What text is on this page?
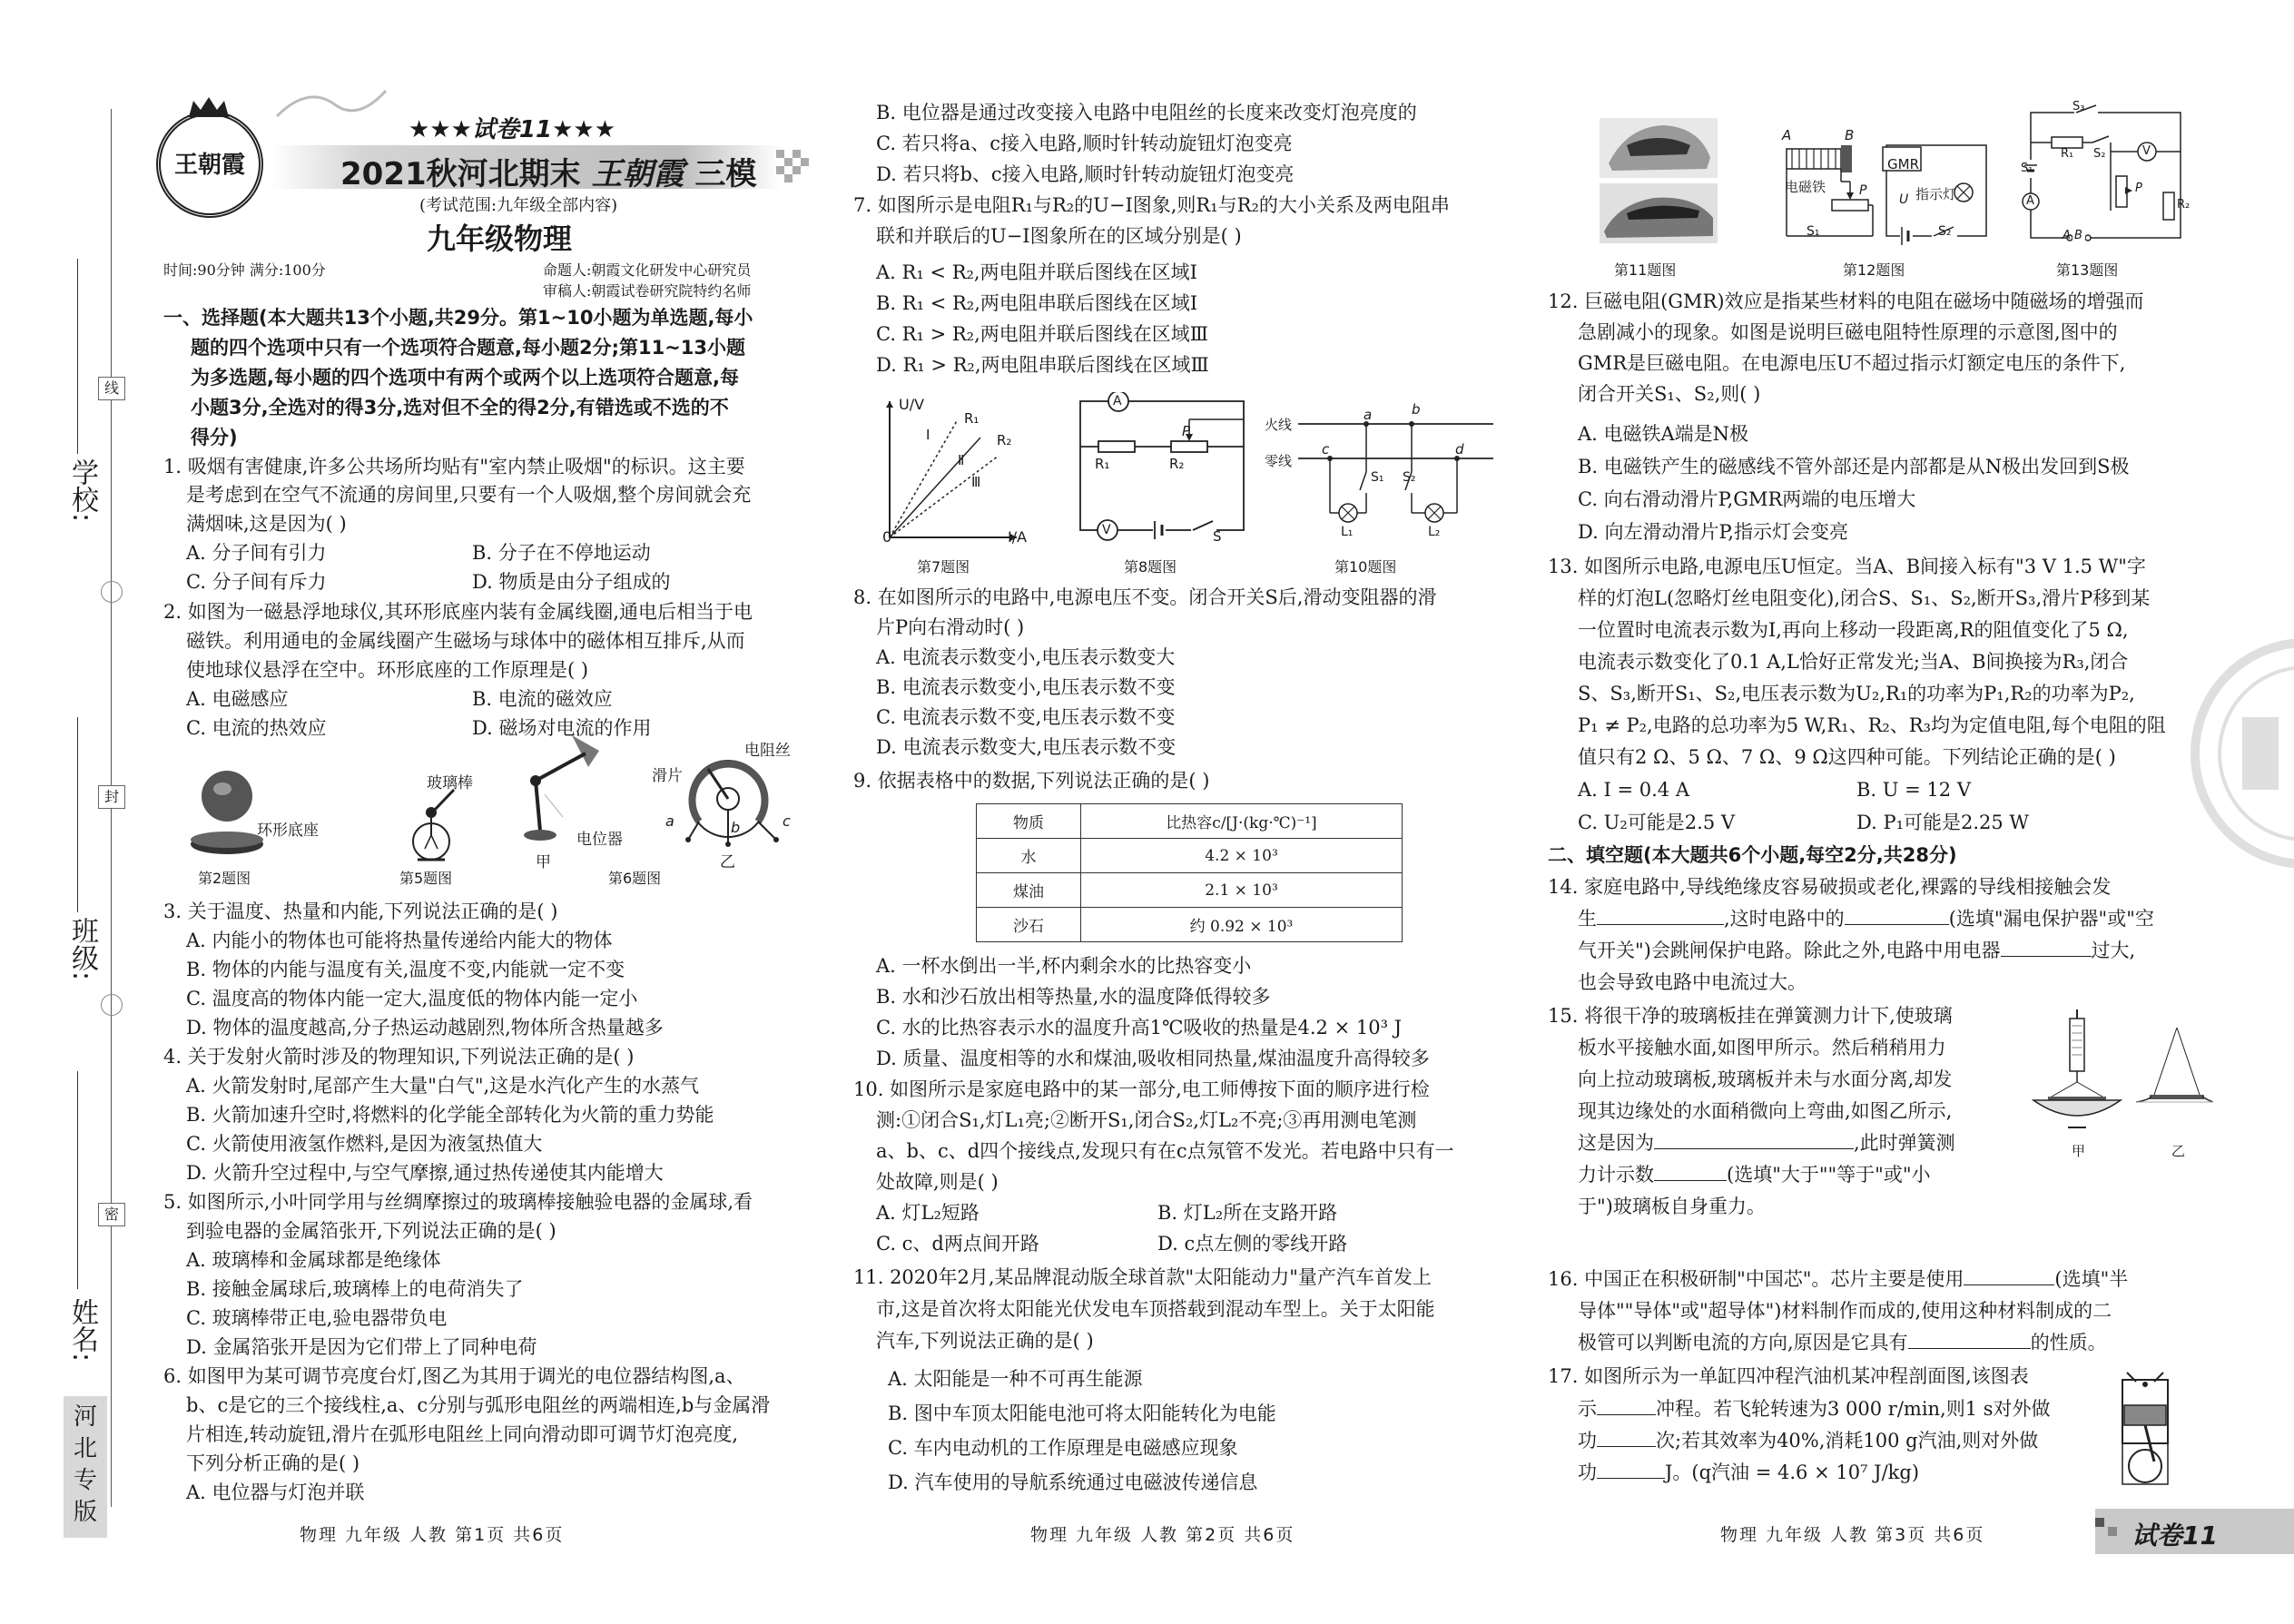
线
封
密
学校:
班级:
姓名:
河北专版
王朝霞
★★★试卷11★★★
2021秋河北期末 王朝霞 三模
(考试范围:九年级全部内容)
九年级物理
时间:90分钟 满分:100分	命题人:朝霞文化研发中心研究员
审稿人:朝霞试卷研究院特约名师
一、选择题(本大题共13个小题,共29分。第1~10小题为单选题,每小
题的四个选项中只有一个选项符合题意,每小题2分;第11~13小题
为多选题,每小题的四个选项中有两个或两个以上选项符合题意,每
小题3分,全选对的得3分,选对但不全的得2分,有错选或不选的不
得分)
1. 吸烟有害健康,许多公共场所均贴有"室内禁止吸烟"的标识。这主要
是考虑到在空气不流通的房间里,只要有一个人吸烟,整个房间就会充
满烟味,这是因为( )
A. 分子间有引力	B. 分子在不停地运动
C. 分子间有斥力	D. 物质是由分子组成的
2. 如图为一磁悬浮地球仪,其环形底座内装有金属线圈,通电后相当于电
磁铁。利用通电的金属线圈产生磁场与球体中的磁体相互排斥,从而
使地球仪悬浮在空中。环形底座的工作原理是( )
A. 电磁感应	B. 电流的磁效应
C. 电流的热效应	D. 磁场对电流的作用
环形底座
第2题图
玻璃棒
第5题图
电位器
甲
滑片
电阻丝
a	b	c
乙
第6题图
3. 关于温度、热量和内能,下列说法正确的是( )
A. 内能小的物体也可能将热量传递给内能大的物体
B. 物体的内能与温度有关,温度不变,内能就一定不变
C. 温度高的物体内能一定大,温度低的物体内能一定小
D. 物体的温度越高,分子热运动越剧烈,物体所含热量越多
4. 关于发射火箭时涉及的物理知识,下列说法正确的是( )
A. 火箭发射时,尾部产生大量"白气",这是水汽化产生的水蒸气
B. 火箭加速升空时,将燃料的化学能全部转化为火箭的重力势能
C. 火箭使用液氢作燃料,是因为液氢热值大
D. 火箭升空过程中,与空气摩擦,通过热传递使其内能增大
5. 如图所示,小叶同学用与丝绸摩擦过的玻璃棒接触验电器的金属球,看
到验电器的金属箔张开,下列说法正确的是( )
A. 玻璃棒和金属球都是绝缘体
B. 接触金属球后,玻璃棒上的电荷消失了
C. 玻璃棒带正电,验电器带负电
D. 金属箔张开是因为它们带上了同种电荷
6. 如图甲为某可调节亮度台灯,图乙为其用于调光的电位器结构图,a、
b、c是它的三个接线柱,a、c分别与弧形电阻丝的两端相连,b与金属滑
片相连,转动旋钮,滑片在弧形电阻丝上同向滑动即可调节灯泡亮度,
下列分析正确的是( )
A. 电位器与灯泡并联
物理 九年级 人教 第1页 共6页
B. 电位器是通过改变接入电路中电阻丝的长度来改变灯泡亮度的
C. 若只将a、c接入电路,顺时针转动旋钮灯泡变亮
D. 若只将b、c接入电路,顺时针转动旋钮灯泡变亮
7. 如图所示是电阻R₁与R₂的U−I图象,则R₁与R₂的大小关系及两电阻串
联和并联后的U−I图象所在的区域分别是( )
A. R₁ < R₂,两电阻并联后图线在区域Ⅰ
B. R₁ < R₂,两电阻串联后图线在区域Ⅰ
C. R₁ > R₂,两电阻并联后图线在区域Ⅲ
D. R₁ > R₂,两电阻串联后图线在区域Ⅲ
U/V
I/A
0
R₁
R₂
Ⅰ
Ⅱ
Ⅲ
第7题图
A
V
P
R₁	R₂
S
第8题图
火线
零线
a	b
c	d
S₁ S₂
L₁	L₂
第10题图
8. 在如图所示的电路中,电源电压不变。闭合开关S后,滑动变阻器的滑
片P向右滑动时( )
A. 电流表示数变小,电压表示数变大
B. 电流表示数变小,电压表示数不变
C. 电流表示数不变,电压表示数不变
D. 电流表示数变大,电压表示数不变
9. 依据表格中的数据,下列说法正确的是( )
物质	比热容c/[J·(kg·℃)⁻¹]
水	4.2 × 10³
煤油	2.1 × 10³
沙石	约 0.92 × 10³
A. 一杯水倒出一半,杯内剩余水的比热容变小
B. 水和沙石放出相等热量,水的温度降低得较多
C. 水的比热容表示水的温度升高1℃吸收的热量是4.2 × 10³ J
D. 质量、温度相等的水和煤油,吸收相同热量,煤油温度升高得较多
10. 如图所示是家庭电路中的某一部分,电工师傅按下面的顺序进行检
测:①闭合S₁,灯L₁亮;②断开S₁,闭合S₂,灯L₂不亮;③再用测电笔测
a、b、c、d四个接线点,发现只有在c点氖管不发光。若电路中只有一
处故障,则是( )
A. 灯L₂短路	B. 灯L₂所在支路开路
C. c、d两点间开路	D. c点左侧的零线开路
11. 2020年2月,某品牌混动版全球首款"太阳能动力"量产汽车首发上
市,这是首次将太阳能光伏发电车顶搭载到混动车型上。关于太阳能
汽车,下列说法正确的是( )
A. 太阳能是一种不可再生能源
B. 图中车顶太阳能电池可将太阳能转化为电能
C. 车内电动机的工作原理是电磁感应现象
D. 汽车使用的导航系统通过电磁波传递信息
物理 九年级 人教 第2页 共6页
第11题图
A	B
GMR
电磁铁	P
S₁
U 指示灯
S₂
第12题图
S₃
R₁ S₂	V
S₁
P
A	R₂
A B
第13题图
12. 巨磁电阻(GMR)效应是指某些材料的电阻在磁场中随磁场的增强而
急剧减小的现象。如图是说明巨磁电阻特性原理的示意图,图中的
GMR是巨磁电阻。在电源电压U不超过指示灯额定电压的条件下,
闭合开关S₁、S₂,则( )
A. 电磁铁A端是N极
B. 电磁铁产生的磁感线不管外部还是内部都是从N极出发回到S极
C. 向右滑动滑片P,GMR两端的电压增大
D. 向左滑动滑片P,指示灯会变亮
13. 如图所示电路,电源电压U恒定。当A、B间接入标有"3 V 1.5 W"字
样的灯泡L(忽略灯丝电阻变化),闭合S、S₁、S₂,断开S₃,滑片P移到某
一位置时电流表示数为I,再向上移动一段距离,R的阻值变化了5 Ω,
电流表示数变化了0.1 A,L恰好正常发光;当A、B间换接为R₃,闭合
S、S₃,断开S₁、S₂,电压表示数为U₂,R₁的功率为P₁,R₂的功率为P₂,
P₁ ≠ P₂,电路的总功率为5 W,R₁、R₂、R₃均为定值电阻,每个电阻的阻
值只有2 Ω、5 Ω、7 Ω、9 Ω这四种可能。下列结论正确的是( )
A. I = 0.4 A	B. U = 12 V
C. U₂可能是2.5 V	D. P₁可能是2.25 W
二、填空题(本大题共6个小题,每空2分,共28分)
14. 家庭电路中,导线绝缘皮容易破损或老化,裸露的导线相接触会发
生	,这时电路中的	(选填"漏电保护器"或"空
气开关")会跳闸保护电路。除此之外,电路中用电器	过大,
也会导致电路中电流过大。
15. 将很干净的玻璃板挂在弹簧测力计下,使玻璃
板水平接触水面,如图甲所示。然后稍稍用力
向上拉动玻璃板,玻璃板并未与水面分离,却发
现其边缘处的水面稍微向上弯曲,如图乙所示,
这是因为	,此时弹簧测
力计示数	(选填"大于""等于"或"小
于")玻璃板自身重力。
甲	乙
16. 中国正在积极研制"中国芯"。芯片主要是使用	(选填"半
导体""导体"或"超导体")材料制作而成的,使用这种材料制成的二
极管可以判断电流的方向,原因是它具有	的性质。
17. 如图所示为一单缸四冲程汽油机某冲程剖面图,该图表
示	冲程。若飞轮转速为3 000 r/min,则1 s对外做
功	次;若其效率为40%,消耗100 g汽油,则对外做
功	J。(q汽油 = 4.6 × 10⁷ J/kg)
物理 九年级 人教 第3页 共6页	试卷11
